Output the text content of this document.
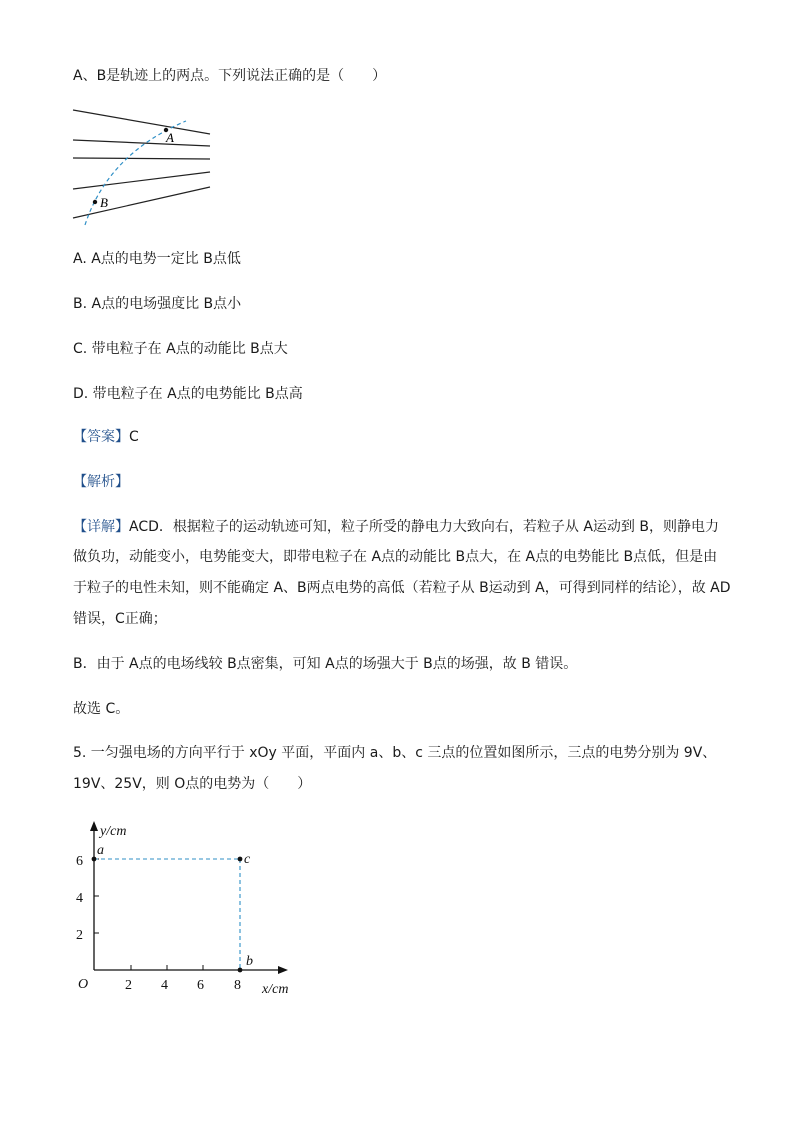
A、B是轨迹上的两点。下列说法正确的是（　　）
A
B
A. A点的电势一定比 B点低
B. A点的电场强度比 B点小
C. 带电粒子在 A点的动能比 B点大
D. 带电粒子在 A点的电势能比 B点高
【答案】C
【解析】
【详解】ACD．根据粒子的运动轨迹可知，粒子所受的静电力大致向右，若粒子从 A运动到 B，则静电力
做负功，动能变小，电势能变大，即带电粒子在 A点的动能比 B点大，在 A点的电势能比 B点低，但是由
于粒子的电性未知，则不能确定 A、B两点电势的高低（若粒子从 B运动到 A，可得到同样的结论），故 AD
错误，C正确；
B．由于 A点的电场线较 B点密集，可知 A点的场强大于 B点的场强，故 B 错误。
故选 C。
5. 一匀强电场的方向平行于 xOy 平面，平面内 a、b、c 三点的位置如图所示，三点的电势分别为 9V、
19V、25V，则 O点的电势为（　　）
y/cm
x/cm
O	2 4 6 8
2
4
6
a
c
b
